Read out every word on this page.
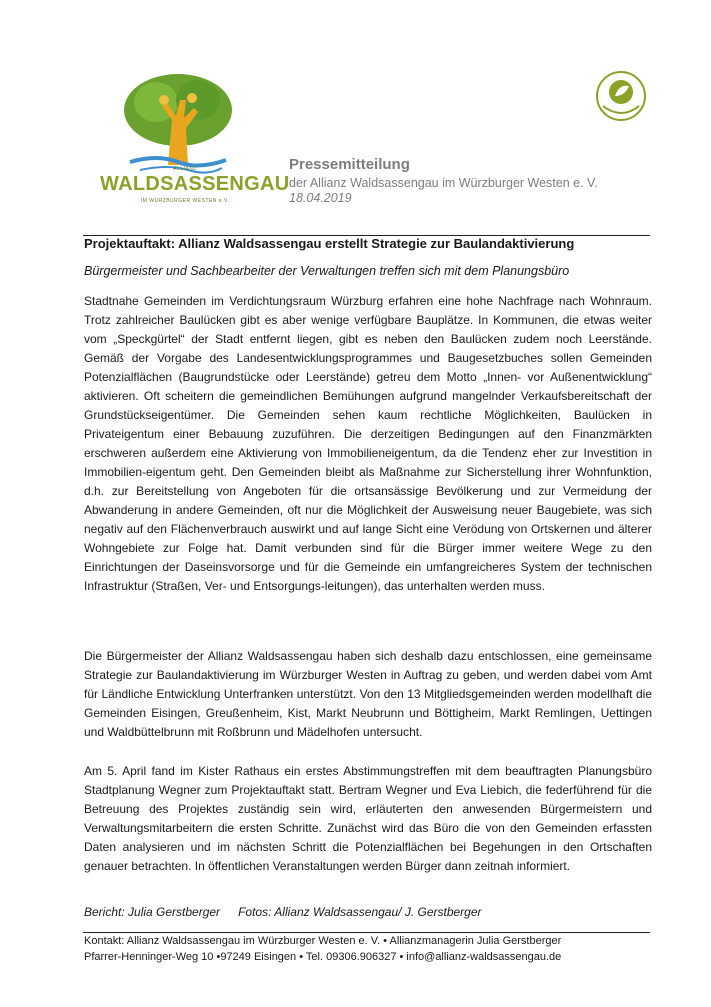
ALLIANZ
WALDSASSENGAU
IM WÜRZBURGER WESTEN e.V.
Pressemitteilung
der Allianz Waldsassengau im Würzburger Westen e. V.
18.04.2019
Projektauftakt: Allianz Waldsassengau erstellt Strategie zur Baulandaktivierung
Bürgermeister und Sachbearbeiter der Verwaltungen treffen sich mit dem Planungsbüro

Stadtnahe Gemeinden im Verdichtungsraum Würzburg erfahren eine hohe Nachfrage nach Wohnraum. Trotz zahlreicher Baulücken gibt es aber wenige verfügbare Bauplätze. In Kommunen, die etwas weiter vom „Speckgürtel“ der Stadt entfernt liegen, gibt es neben den Baulücken zudem noch Leerstände. Gemäß der Vorgabe des Landesentwicklungsprogrammes und Baugesetzbuches sollen Gemeinden Potenzialflächen (Baugrundstücke oder Leerstände) getreu dem Motto „Innen- vor Außenentwicklung“ aktivieren. Oft scheitern die gemeindlichen Bemühungen aufgrund mangelnder Verkaufsbereitschaft der Grundstückseigentümer. Die Gemeinden sehen kaum rechtliche Möglichkeiten, Baulücken in Privateigentum einer Bebauung zuzuführen. Die derzeitigen Bedingungen auf den Finanzmärkten erschweren außerdem eine Aktivierung von Immobilieneigentum, da die Tendenz eher zur Investition in Immobilien-eigentum geht. Den Gemeinden bleibt als Maßnahme zur Sicherstellung ihrer Wohnfunktion, d.h. zur Bereitstellung von Angeboten für die ortsansässige Bevölkerung und zur Vermeidung der Abwanderung in andere Gemeinden, oft nur die Möglichkeit der Ausweisung neuer Baugebiete, was sich negativ auf den Flächenverbrauch auswirkt und auf lange Sicht eine Verödung von Ortskernen und älterer Wohngebiete zur Folge hat. Damit verbunden sind für die Bürger immer weitere Wege zu den Einrichtungen der Daseinsvorsorge und für die Gemeinde ein umfangreicheres System der technischen Infrastruktur (Straßen, Ver- und Entsorgungs-leitungen), das unterhalten werden muss.

Die Bürgermeister der Allianz Waldsassengau haben sich deshalb dazu entschlossen, eine gemeinsame Strategie zur Baulandaktivierung im Würzburger Westen in Auftrag zu geben, und werden dabei vom Amt für Ländliche Entwicklung Unterfranken unterstützt. Von den 13 Mitgliedsgemeinden werden modellhaft die Gemeinden Eisingen, Greußenheim, Kist, Markt Neubrunn und Böttigheim, Markt Remlingen, Uettingen und Waldbüttelbrunn mit Roßbrunn und Mädelhofen untersucht.

Am 5. April fand im Kister Rathaus ein erstes Abstimmungstreffen mit dem beauftragten Planungsbüro Stadtplanung Wegner zum Projektauftakt statt. Bertram Wegner und Eva Liebich, die federführend für die Betreuung des Projektes zuständig sein wird, erläuterten den anwesenden Bürgermeistern und Verwaltungsmitarbeitern die ersten Schritte. Zunächst wird das Büro die von den Gemeinden erfassten Daten analysieren und im nächsten Schritt die Potenzialflächen bei Begehungen in den Ortschaften genauer betrachten. In öffentlichen Veranstaltungen werden Bürger dann zeitnah informiert.

Bericht: Julia Gerstberger Fotos: Allianz Waldsassengau/ J. Gerstberger
Kontakt: Allianz Waldsassengau im Würzburger Westen e. V. • Allianzmanagerin Julia Gerstberger
Pfarrer-Henninger-Weg 10 •97249 Eisingen • Tel. 09306.906327 • info@allianz-waldsassengau.de
